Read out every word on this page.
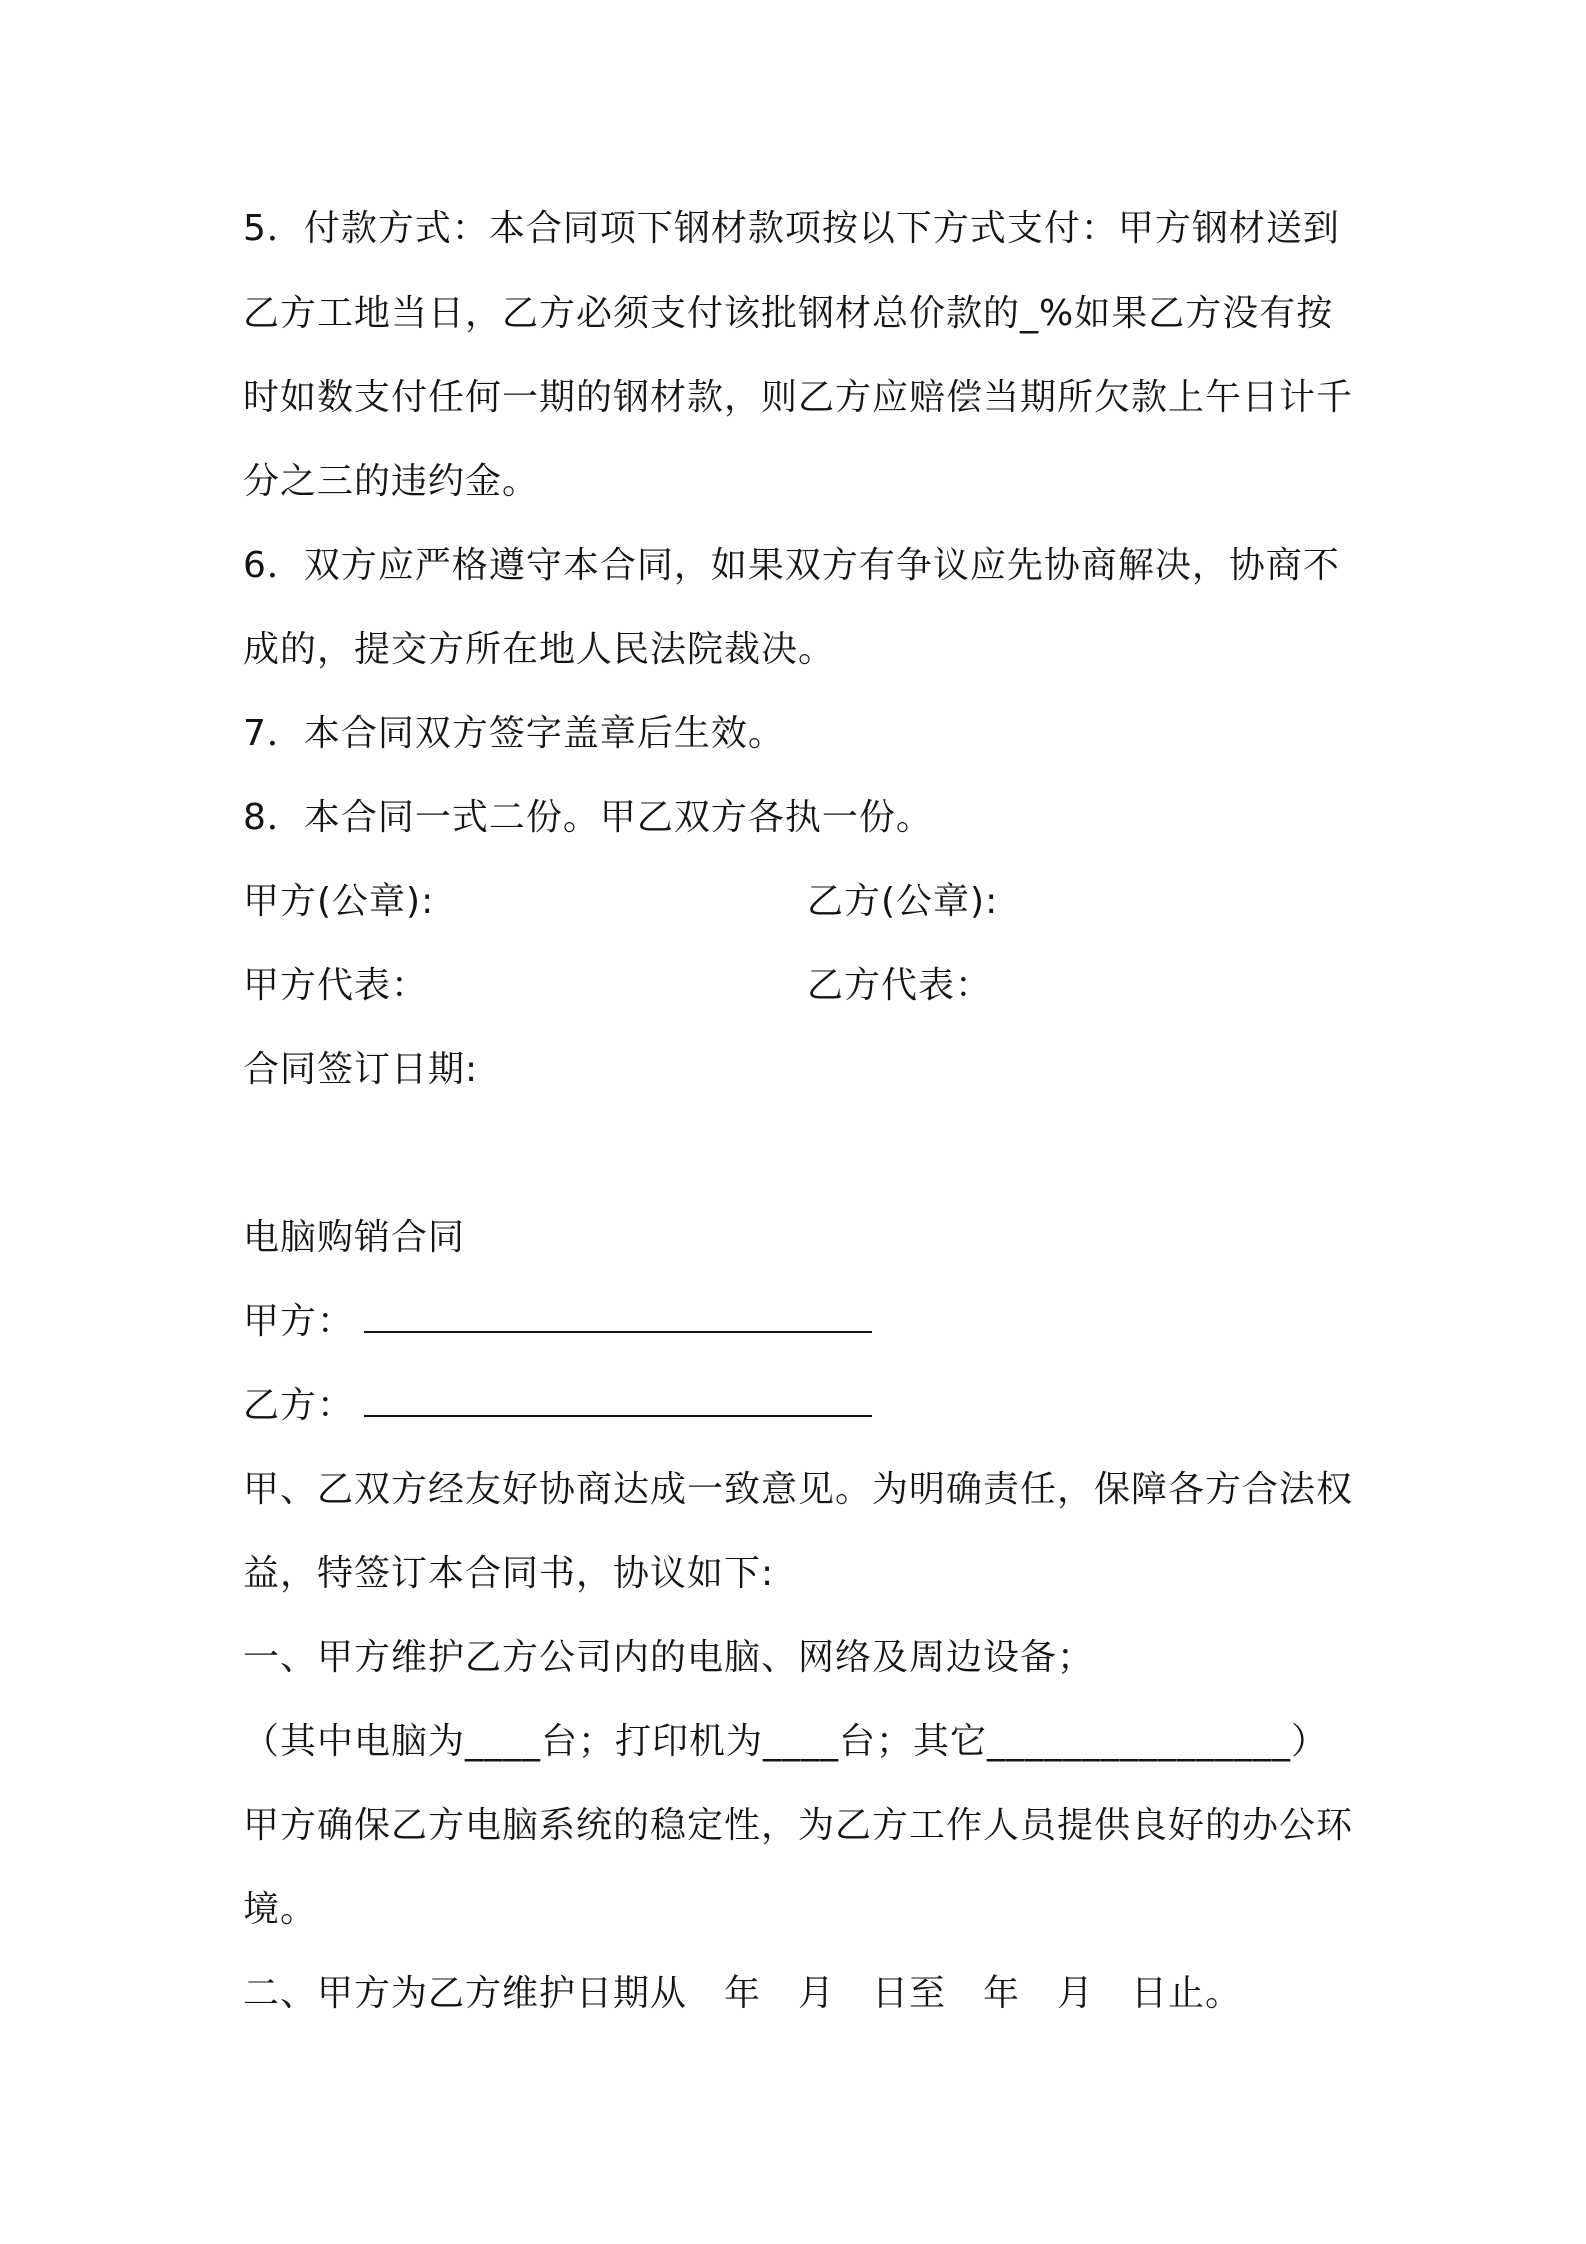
5．付款方式：本合同项下钢材款项按以下方式支付：甲方钢材送到
乙方工地当日，乙方必须支付该批钢材总价款的_%如果乙方没有按
时如数支付任何一期的钢材款，则乙方应赔偿当期所欠款上午日计千
分之三的违约金。
6．双方应严格遵守本合同，如果双方有争议应先协商解决，协商不
成的，提交方所在地人民法院裁决。
7．本合同双方签字盖章后生效。
8．本合同一式二份。甲乙双方各执一份。
甲方(公章):	乙方(公章):
甲方代表：	乙方代表：
合同签订日期:
电脑购销合同
甲方：
乙方：
甲、乙双方经友好协商达成一致意见。为明确责任，保障各方合法权
益，特签订本合同书，协议如下:
一、甲方维护乙方公司内的电脑、网络及周边设备；
（其中电脑为____台；打印机为____台；其它________________）
甲方确保乙方电脑系统的稳定性，为乙方工作人员提供良好的办公环
境。
二、甲方为乙方维护日期从　年　月　日至　年　月　日止。
